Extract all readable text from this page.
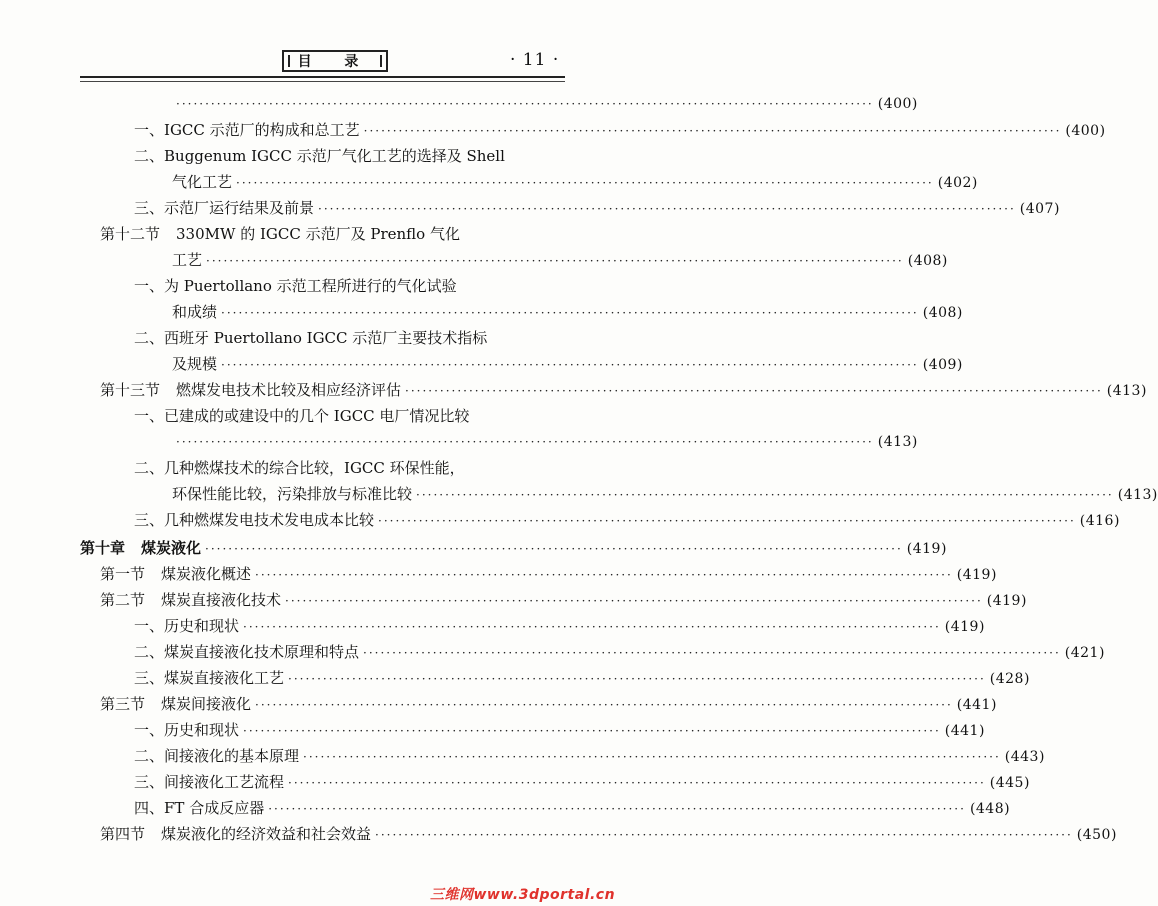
目 录	· 11 ·
························································································································ (400)
一、 IGCC 示范厂的构成和总工艺 ························································································································ (400)
二、 Buggenum IGCC 示范厂气化工艺的选择及 Shell
气化工艺 ························································································································ (402)
三、 示范厂运行结果及前景 ························································································································ (407)
第十二节 330MW 的 IGCC 示范厂及 Prenflo 气化
工艺 ························································································································ (408)
一、 为 Puertollano 示范工程所进行的气化试验
和成绩 ························································································································ (408)
二、 西班牙 Puertollano IGCC 示范厂主要技术指标
及规模 ························································································································ (409)
第十三节 燃煤发电技术比较及相应经济评估 ························································································································ (413)
一、 已建成的或建设中的几个 IGCC 电厂情况比较
························································································································ (413)
二、 几种燃煤技术的综合比较，IGCC 环保性能，
环保性能比较，污染排放与标准比较 ························································································································ (413)
三、 几种燃煤发电技术发电成本比较 ························································································································ (416)
第十章 煤炭液化 ························································································································ (419)
第一节 煤炭液化概述 ························································································································ (419)
第二节 煤炭直接液化技术 ························································································································ (419)
一、 历史和现状 ························································································································ (419)
二、 煤炭直接液化技术原理和特点 ························································································································ (421)
三、 煤炭直接液化工艺 ························································································································ (428)
第三节 煤炭间接液化 ························································································································ (441)
一、 历史和现状 ························································································································ (441)
二、 间接液化的基本原理 ························································································································ (443)
三、 间接液化工艺流程 ························································································································ (445)
四、 FT 合成反应器 ························································································································ (448)
第四节 煤炭液化的经济效益和社会效益 ························································································································ (450)
三维网www.3dportal.cn
